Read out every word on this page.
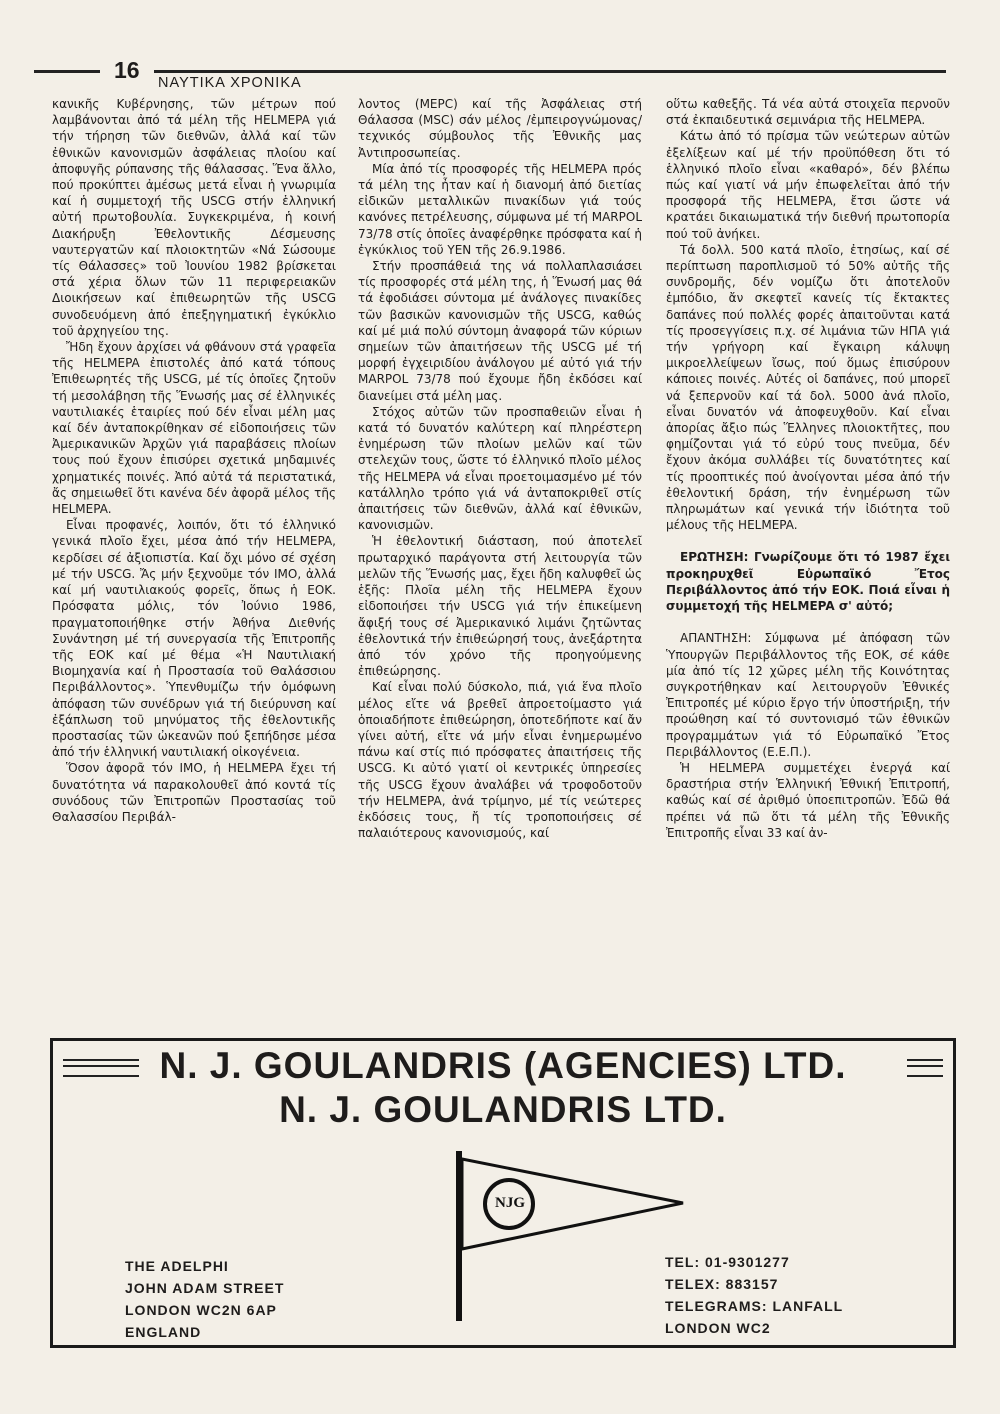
16 ΝΑΥΤΙΚΑ ΧΡΟΝΙΚΑ

κανικῆς Κυβέρνησης, τῶν μέτρων πού λαμβάνονται ἀπό τά μέλη τῆς HELMEPA γιά τήν τήρηση τῶν διεθνῶν, ἀλλά καί τῶν ἐθνικῶν κανονισμῶν ἀσφάλειας πλοίου καί ἀποφυγῆς ρύπανσης τῆς θάλασσας. Ἕνα ἄλλο, πού προκύπτει ἀμέσως μετά εἶναι ἡ γνωριμία καί ἡ συμμετοχή τῆς USCG στήν ἑλληνική αὐτή πρωτοβουλία. Συγκεκριμένα, ἡ κοινή Διακήρυξη Ἐθελοντικῆς Δέσμευσης ναυτεργατῶν καί πλοιοκτητῶν «Νά Σώσουμε τίς Θάλασσες» τοῦ Ἰουνίου 1982 βρίσκεται στά χέρια ὅλων τῶν 11 περιφερειακῶν Διοικήσεων καί ἐπιθεωρητῶν τῆς USCG συνοδευόμενη ἀπό ἐπεξηγηματική ἐγκύκλιο τοῦ ἀρχηγείου της.

Ἤδη ἔχουν ἀρχίσει νά φθάνουν στά γραφεῖα τῆς HELMEPA ἐπιστολές ἀπό κατά τόπους Ἐπιθεωρητές τῆς USCG, μέ τίς ὁποῖες ζητοῦν τή μεσολάβηση τῆς Ἕνωσής μας σέ ἑλληνικές ναυτιλιακές ἑταιρίες πού δέν εἶναι μέλη μας καί δέν ἀνταποκρίθηκαν σέ εἰδοποιήσεις τῶν Ἀμερικανικῶν Ἀρχῶν γιά παραβάσεις πλοίων τους πού ἔχουν ἐπισύρει σχετικά μηδαμινές χρηματικές ποινές. Ἀπό αὐτά τά περιστατικά, ἄς σημειωθεῖ ὅτι κανένα δέν ἀφορᾶ μέλος τῆς HELMEPA.

Εἶναι προφανές, λοιπόν, ὅτι τό ἑλληνικό γενικά πλοῖο ἔχει, μέσα ἀπό τήν HELMEPA, κερδίσει σέ ἀξιοπιστία. Καί ὄχι μόνο σέ σχέση μέ τήν USCG. Ἄς μήν ξεχνοῦμε τόν ΙΜΟ, ἀλλά καί μή ναυτιλιακούς φορεῖς, ὅπως ἡ ΕΟΚ. Πρόσφατα μόλις, τόν Ἰούνιο 1986, πραγματοποιήθηκε στήν Ἀθήνα Διεθνής Συνάντηση μέ τή συνεργασία τῆς Ἐπιτροπῆς τῆς ΕΟΚ καί μέ θέμα «Ἡ Ναυτιλιακή Βιομηχανία καί ἡ Προστασία τοῦ Θαλάσσιου Περιβάλλοντος». Ὑπενθυμίζω τήν ὁμόφωνη ἀπόφαση τῶν συνέδρων γιά τή διεύρυνση καί ἐξάπλωση τοῦ μηνύματος τῆς ἐθελοντικῆς προστασίας τῶν ὠκεανῶν πού ξεπήδησε μέσα ἀπό τήν ἑλληνική ναυτιλιακή οἰκογένεια.

Ὅσον ἀφορᾶ τόν ΙΜΟ, ἡ HELMEPA ἔχει τή δυνατότητα νά παρακολουθεῖ ἀπό κοντά τίς συνόδους τῶν Ἐπιτροπῶν Προστασίας τοῦ Θαλασσίου Περιβάλ-

λοντος (MEPC) καί τῆς Ἀσφάλειας στή Θάλασσα (MSC) σάν μέλος /ἐμπειρογνώμονας/ τεχνικός σύμβουλος τῆς Ἐθνικῆς μας Ἀντιπροσωπείας.

Μία ἀπό τίς προσφορές τῆς HELMEPA πρός τά μέλη της ἦταν καί ἡ διανομή ἀπό διετίας εἰδικῶν μεταλλικῶν πινακίδων γιά τούς κανόνες πετρέλευσης, σύμφωνα μέ τή MARPOL 73/78 στίς ὁποῖες ἀναφέρθηκε πρόσφατα καί ἡ ἐγκύκλιος τοῦ ΥΕΝ τῆς 26.9.1986.

Στήν προσπάθειά της νά πολλαπλασιάσει τίς προσφορές στά μέλη της, ἡ Ἕνωσή μας θά τά ἐφοδιάσει σύντομα μέ ἀνάλογες πινακίδες τῶν βασικῶν κανονισμῶν τῆς USCG, καθώς καί μέ μιά πολύ σύντομη ἀναφορά τῶν κύριων σημείων τῶν ἀπαιτήσεων τῆς USCG μέ τή μορφή ἐγχειριδίου ἀνάλογου μέ αὐτό γιά τήν MARPOL 73/78 πού ἔχουμε ἤδη ἐκδόσει καί διανείμει στά μέλη μας.

Στόχος αὐτῶν τῶν προσπαθειῶν εἶναι ἡ κατά τό δυνατόν καλύτερη καί πληρέστερη ἐνημέρωση τῶν πλοίων μελῶν καί τῶν στελεχῶν τους, ὥστε τό ἑλληνικό πλοῖο μέλος τῆς HELMEPA νά εἶναι προετοιμασμένο μέ τόν κατάλληλο τρόπο γιά νά ἀνταποκριθεῖ στίς ἀπαιτήσεις τῶν διεθνῶν, ἀλλά καί ἐθνικῶν, κανονισμῶν.

Ἡ ἐθελοντική διάσταση, πού ἀποτελεῖ πρωταρχικό παράγοντα στή λειτουργία τῶν μελῶν τῆς Ἕνωσής μας, ἔχει ἤδη καλυφθεῖ ὡς ἑξῆς: Πλοῖα μέλη τῆς HELMEPA ἔχουν εἰδοποιήσει τήν USCG γιά τήν ἐπικείμενη ἄφιξή τους σέ Ἀμερικανικό λιμάνι ζητῶντας ἐθελοντικά τήν ἐπιθεώρησή τους, ἀνεξάρτητα ἀπό τόν χρόνο τῆς προηγούμενης ἐπιθεώρησης.

Καί εἶναι πολύ δύσκολο, πιά, γιά ἕνα πλοῖο μέλος εἴτε νά βρεθεῖ ἀπροετοίμαστο γιά ὁποιαδήποτε ἐπιθεώρηση, ὁποτεδήποτε καί ἄν γίνει αὐτή, εἴτε νά μήν εἶναι ἐνημερωμένο πάνω καί στίς πιό πρόσφατες ἀπαιτήσεις τῆς USCG. Κι αὐτό γιατί οἱ κεντρικές ὑπηρεσίες τῆς USCG ἔχουν ἀναλάβει νά τροφοδοτοῦν τήν HELMEPA, ἀνά τρίμηνο, μέ τίς νεώτερες ἐκδόσεις τους, ἤ τίς τροποποιήσεις σέ παλαιότερους κανονισμούς, καί

οὕτω καθεξῆς. Τά νέα αὐτά στοιχεῖα περνοῦν στά ἐκπαιδευτικά σεμινάρια τῆς HELMEPA.

Κάτω ἀπό τό πρίσμα τῶν νεώτερων αὐτῶν ἐξελίξεων καί μέ τήν προϋπόθεση ὅτι τό ἑλληνικό πλοῖο εἶναι «καθαρό», δέν βλέπω πώς καί γιατί νά μήν ἐπωφελεῖται ἀπό τήν προσφορά τῆς HELMEPA, ἔτσι ὥστε νά κρατάει δικαιωματικά τήν διεθνή πρωτοπορία πού τοῦ ἀνήκει.

Τά δολλ. 500 κατά πλοῖο, ἐτησίως, καί σέ περίπτωση παροπλισμοῦ τό 50% αὐτῆς τῆς συνδρομῆς, δέν νομίζω ὅτι ἀποτελοῦν ἐμπόδιο, ἄν σκεφτεῖ κανείς τίς ἔκτακτες δαπάνες πού πολλές φορές ἀπαιτοῦνται κατά τίς προσεγγίσεις π.χ. σέ λιμάνια τῶν ΗΠΑ γιά τήν γρήγορη καί ἔγκαιρη κάλυψη μικροελλείψεων ἴσως, πού ὅμως ἐπισύρουν κάποιες ποινές. Αὐτές οἱ δαπάνες, πού μπορεῖ νά ξεπερνοῦν καί τά δολ. 5000 ἀνά πλοῖο, εἶναι δυνατόν νά ἀποφευχθοῦν. Καί εἶναι ἀπορίας ἄξιο πώς Ἕλληνες πλοιοκτῆτες, που φημίζονται γιά τό εὐρύ τους πνεῦμα, δέν ἔχουν ἀκόμα συλλάβει τίς δυνατότητες καί τίς προοπτικές πού ἀνοίγονται μέσα ἀπό τήν ἐθελοντική δράση, τήν ἐνημέρωση τῶν πληρωμάτων καί γενικά τήν ἰδιότητα τοῦ μέλους τῆς HELMEPA.

ΕΡΩΤΗΣΗ: Γνωρίζουμε ὅτι τό 1987 ἔχει προκηρυχθεῖ Εὐρωπαϊκό Ἔτος Περιβάλλοντος ἀπό τήν ΕΟΚ. Ποιά εἶναι ἡ συμμετοχή τῆς HELMEPA σ' αὐτό;

ΑΠΑΝΤΗΣΗ: Σύμφωνα μέ ἀπόφαση τῶν Ὑπουργῶν Περιβάλλοντος τῆς ΕΟΚ, σέ κάθε μία ἀπό τίς 12 χῶρες μέλη τῆς Κοινότητας συγκροτήθηκαν καί λειτουργοῦν Ἐθνικές Ἐπιτροπές μέ κύριο ἔργο τήν ὑποστήριξη, τήν προώθηση καί τό συντονισμό τῶν ἐθνικῶν προγραμμάτων γιά τό Εὐρωπαϊκό Ἔτος Περιβάλλοντος (Ε.Ε.Π.).

Ἡ HELMEPA συμμετέχει ἐνεργά καί δραστήρια στήν Ἑλληνική Ἐθνική Ἐπιτροπή, καθώς καί σέ ἀριθμό ὑποεπιτροπῶν. Ἐδῶ θά πρέπει νά πῶ ὅτι τά μέλη τῆς Ἐθνικῆς Ἐπιτροπῆς εἶναι 33 καί ἀν-

N. J. GOULANDRIS (AGENCIES) LTD.
N. J. GOULANDRIS LTD.
NJG
THE ADELPHI
JOHN ADAM STREET
LONDON WC2N 6AP
ENGLAND
TEL: 01-9301277
TELEX: 883157
TELEGRAMS: LANFALL
LONDON WC2
